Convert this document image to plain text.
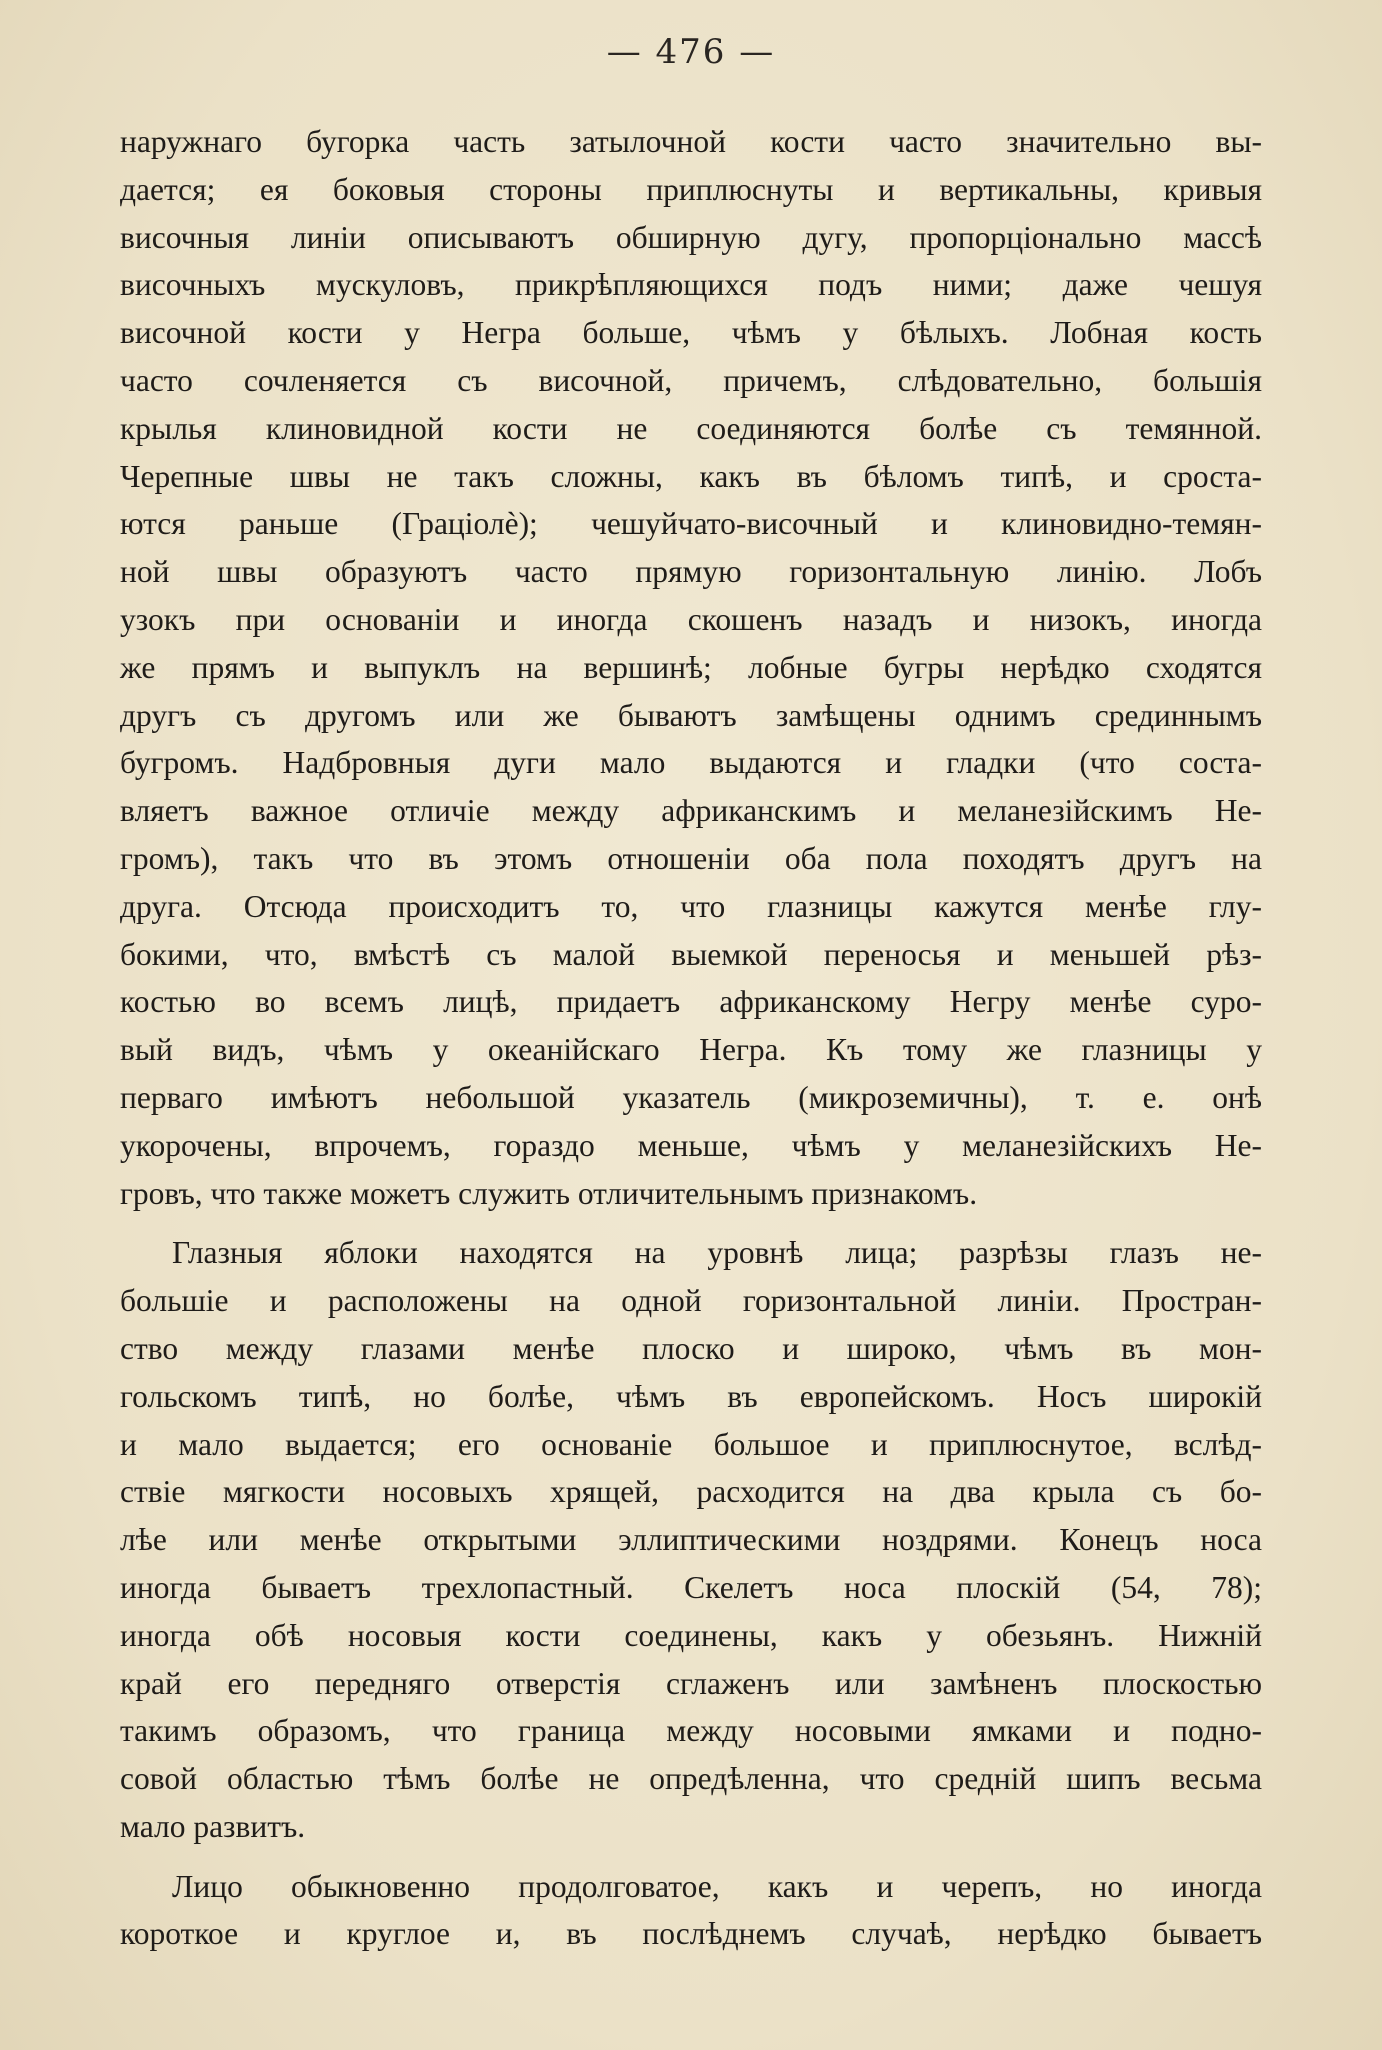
— 476 —

наружнаго бугорка часть затылочной кости часто значительно вы-
дается; ея боковыя стороны приплюснуты и вертикальны, кривыя
височныя линіи описываютъ обширную дугу, пропорціонально массѣ
височныхъ мускуловъ, прикрѣпляющихся подъ ними; даже чешуя
височной кости у Негра больше, чѣмъ у бѣлыхъ. Лобная кость
часто сочленяется съ височной, причемъ, слѣдовательно, большія
крылья клиновидной кости не соединяются болѣе съ темянной.
Черепные швы не такъ сложны, какъ въ бѣломъ типѣ, и сроста-
ются раньше (Граціолè); чешуйчато-височный и клиновидно-темян-
ной швы образуютъ часто прямую горизонтальную линію. Лобъ
узокъ при основаніи и иногда скошенъ назадъ и низокъ, иногда
же прямъ и выпуклъ на вершинѣ; лобные бугры нерѣдко сходятся
другъ съ другомъ или же бываютъ замѣщены однимъ срединнымъ
бугромъ. Надбровныя дуги мало выдаются и гладки (что соста-
вляетъ важное отличіе между африканскимъ и меланезійскимъ Не-
громъ), такъ что въ этомъ отношеніи оба пола походятъ другъ на
друга. Отсюда происходитъ то, что глазницы кажутся менѣе глу-
бокими, что, вмѣстѣ съ малой выемкой переносья и меньшей рѣз-
костью во всемъ лицѣ, придаетъ африканскому Негру менѣе суро-
вый видъ, чѣмъ у океанійскаго Негра. Къ тому же глазницы у
перваго имѣютъ небольшой указатель (микроземичны), т. е. онѣ
укорочены, впрочемъ, гораздо меньше, чѣмъ у меланезійскихъ Не-
гровъ, что также можетъ служить отличительнымъ признакомъ.

Глазныя яблоки находятся на уровнѣ лица; разрѣзы глазъ не-
большіе и расположены на одной горизонтальной линіи. Простран-
ство между глазами менѣе плоско и широко, чѣмъ въ мон-
гольскомъ типѣ, но болѣе, чѣмъ въ европейскомъ. Носъ широкій
и мало выдается; его основаніе большое и приплюснутое, вслѣд-
ствіе мягкости носовыхъ хрящей, расходится на два крыла съ бо-
лѣе или менѣе открытыми эллиптическими ноздрями. Конецъ носа
иногда бываетъ трехлопастный. Скелетъ носа плоскій (54, 78);
иногда обѣ носовыя кости соединены, какъ у обезьянъ. Нижній
край его передняго отверстія сглаженъ или замѣненъ плоскостью
такимъ образомъ, что граница между носовыми ямками и подно-
совой областью тѣмъ болѣе не опредѣленна, что средній шипъ весьма
мало развитъ.

Лицо обыкновенно продолговатое, какъ и черепъ, но иногда
короткое и круглое и, въ послѣднемъ случаѣ, нерѣдко бываетъ
